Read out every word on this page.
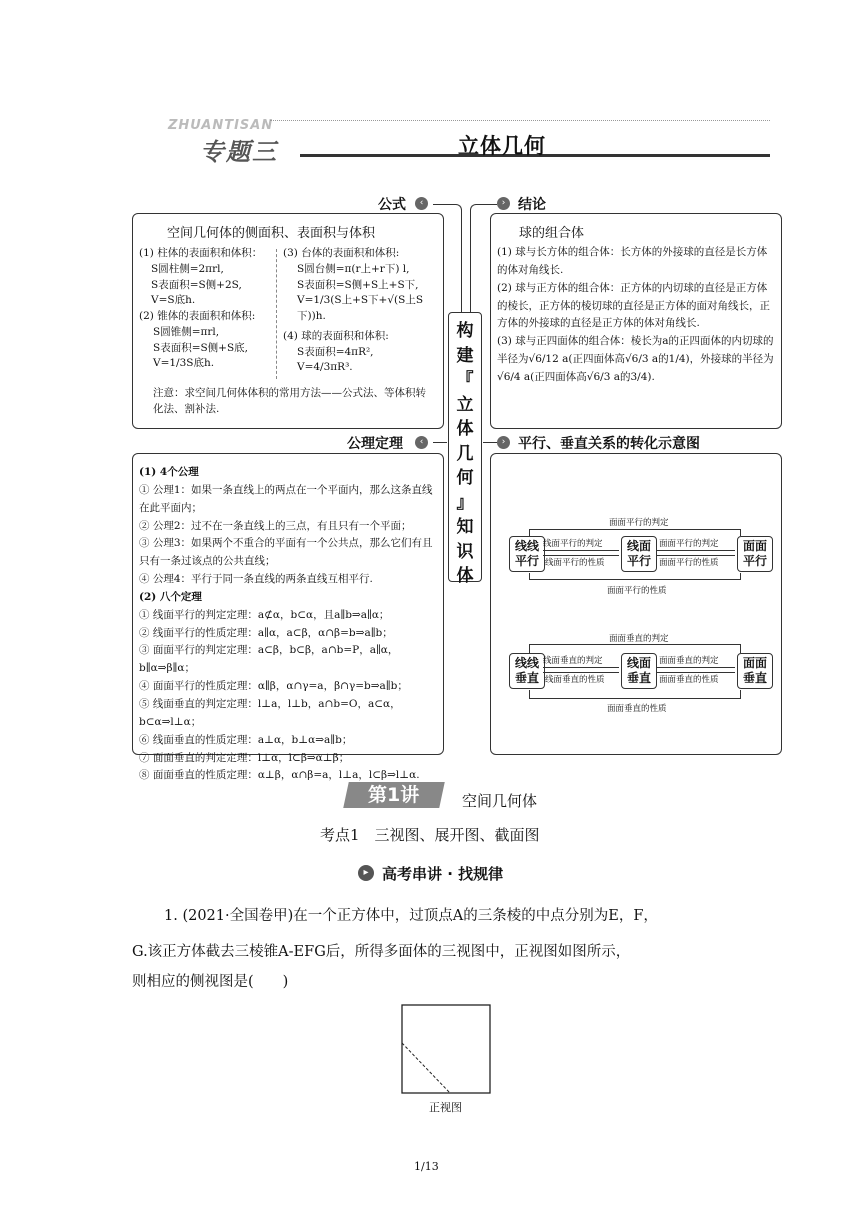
ZHUANTISAN
专题三	立体几何
公式	‹	› 结论
空间几何体的侧面积、表面积与体积
(1) 柱体的表面积和体积：
S圆柱侧=2πrl,
S表面积=S侧+2S,
V=S底h.
(2) 锥体的表面积和体积:
S圆锥侧=πrl,
S表面积=S侧+S底,
V=1/3S底h.
(3) 台体的表面积和体积:
S圆台侧=π(r上+r下) l,
S表面积=S侧+S上+S下,
V=1/3(S上+S下+√(S上S下))h.
(4) 球的表面积和体积:
S表面积=4πR²,
V=4/3πR³.
注意：求空间几何体体积的常用方法——公式法、等体积转化法、割补法.
球的组合体
(1) 球与长方体的组合体：长方体的外接球的直径是长方体的体对角线长.
(2) 球与正方体的组合体：正方体的内切球的直径是正方体的棱长，正方体的棱切球的直径是正方体的面对角线长，正方体的外接球的直径是正方体的体对角线长.
(3) 球与正四面体的组合体：棱长为a的正四面体的内切球的半径为√6/12 a(正四面体高√6/3 a的1/4)，外接球的半径为√6/4 a(正四面体高√6/3 a的3/4).
构
建
『
立
体
几
何
』
知
识
体
公理定理	‹	› 平行、垂直关系的转化示意图
(1) 4个公理
① 公理1：如果一条直线上的两点在一个平面内，那么这条直线在此平面内；
② 公理2：过不在一条直线上的三点，有且只有一个平面；
③ 公理3：如果两个不重合的平面有一个公共点，那么它们有且只有一条过该点的公共直线；
④ 公理4：平行于同一条直线的两条直线互相平行.
(2) 八个定理
① 线面平行的判定定理：a⊄α，b⊂α，且a∥b⇒a∥α；
② 线面平行的性质定理：a∥α，a⊂β，α∩β=b⇒a∥b；
③ 面面平行的判定定理：a⊂β，b⊂β，a∩b=P，a∥α，b∥α⇒β∥α；
④ 面面平行的性质定理：α∥β，α∩γ=a，β∩γ=b⇒a∥b；
⑤ 线面垂直的判定定理：l⊥a，l⊥b，a∩b=O，a⊂α，b⊂α⇒l⊥α；
⑥ 线面垂直的性质定理：a⊥α，b⊥α⇒a∥b；
⑦ 面面垂直的判定定理：l⊥α，l⊂β⇒α⊥β；
⑧ 面面垂直的性质定理：α⊥β，α∩β=a，l⊥a，l⊂β⇒l⊥α.
面面平行的判定
线线平行
线面平行
面面平行
线面平行的判定
线面平行的性质
面面平行的判定
面面平行的性质
面面平行的性质
面面垂直的判定
线线垂直
线面垂直
面面垂直
线面垂直的判定
线面垂直的性质
面面垂直的判定
面面垂直的性质
面面垂直的性质
第1讲	空间几何体
考点1　三视图、展开图、截面图
▸ 高考串讲 · 找规律

1. (2021·全国卷甲)在一个正方体中，过顶点A的三条棱的中点分别为E，F，

G.该正方体截去三棱锥A-EFG后，所得多面体的三视图中，正视图如图所示，

则相应的侧视图是(　　)

正视图
1/13
